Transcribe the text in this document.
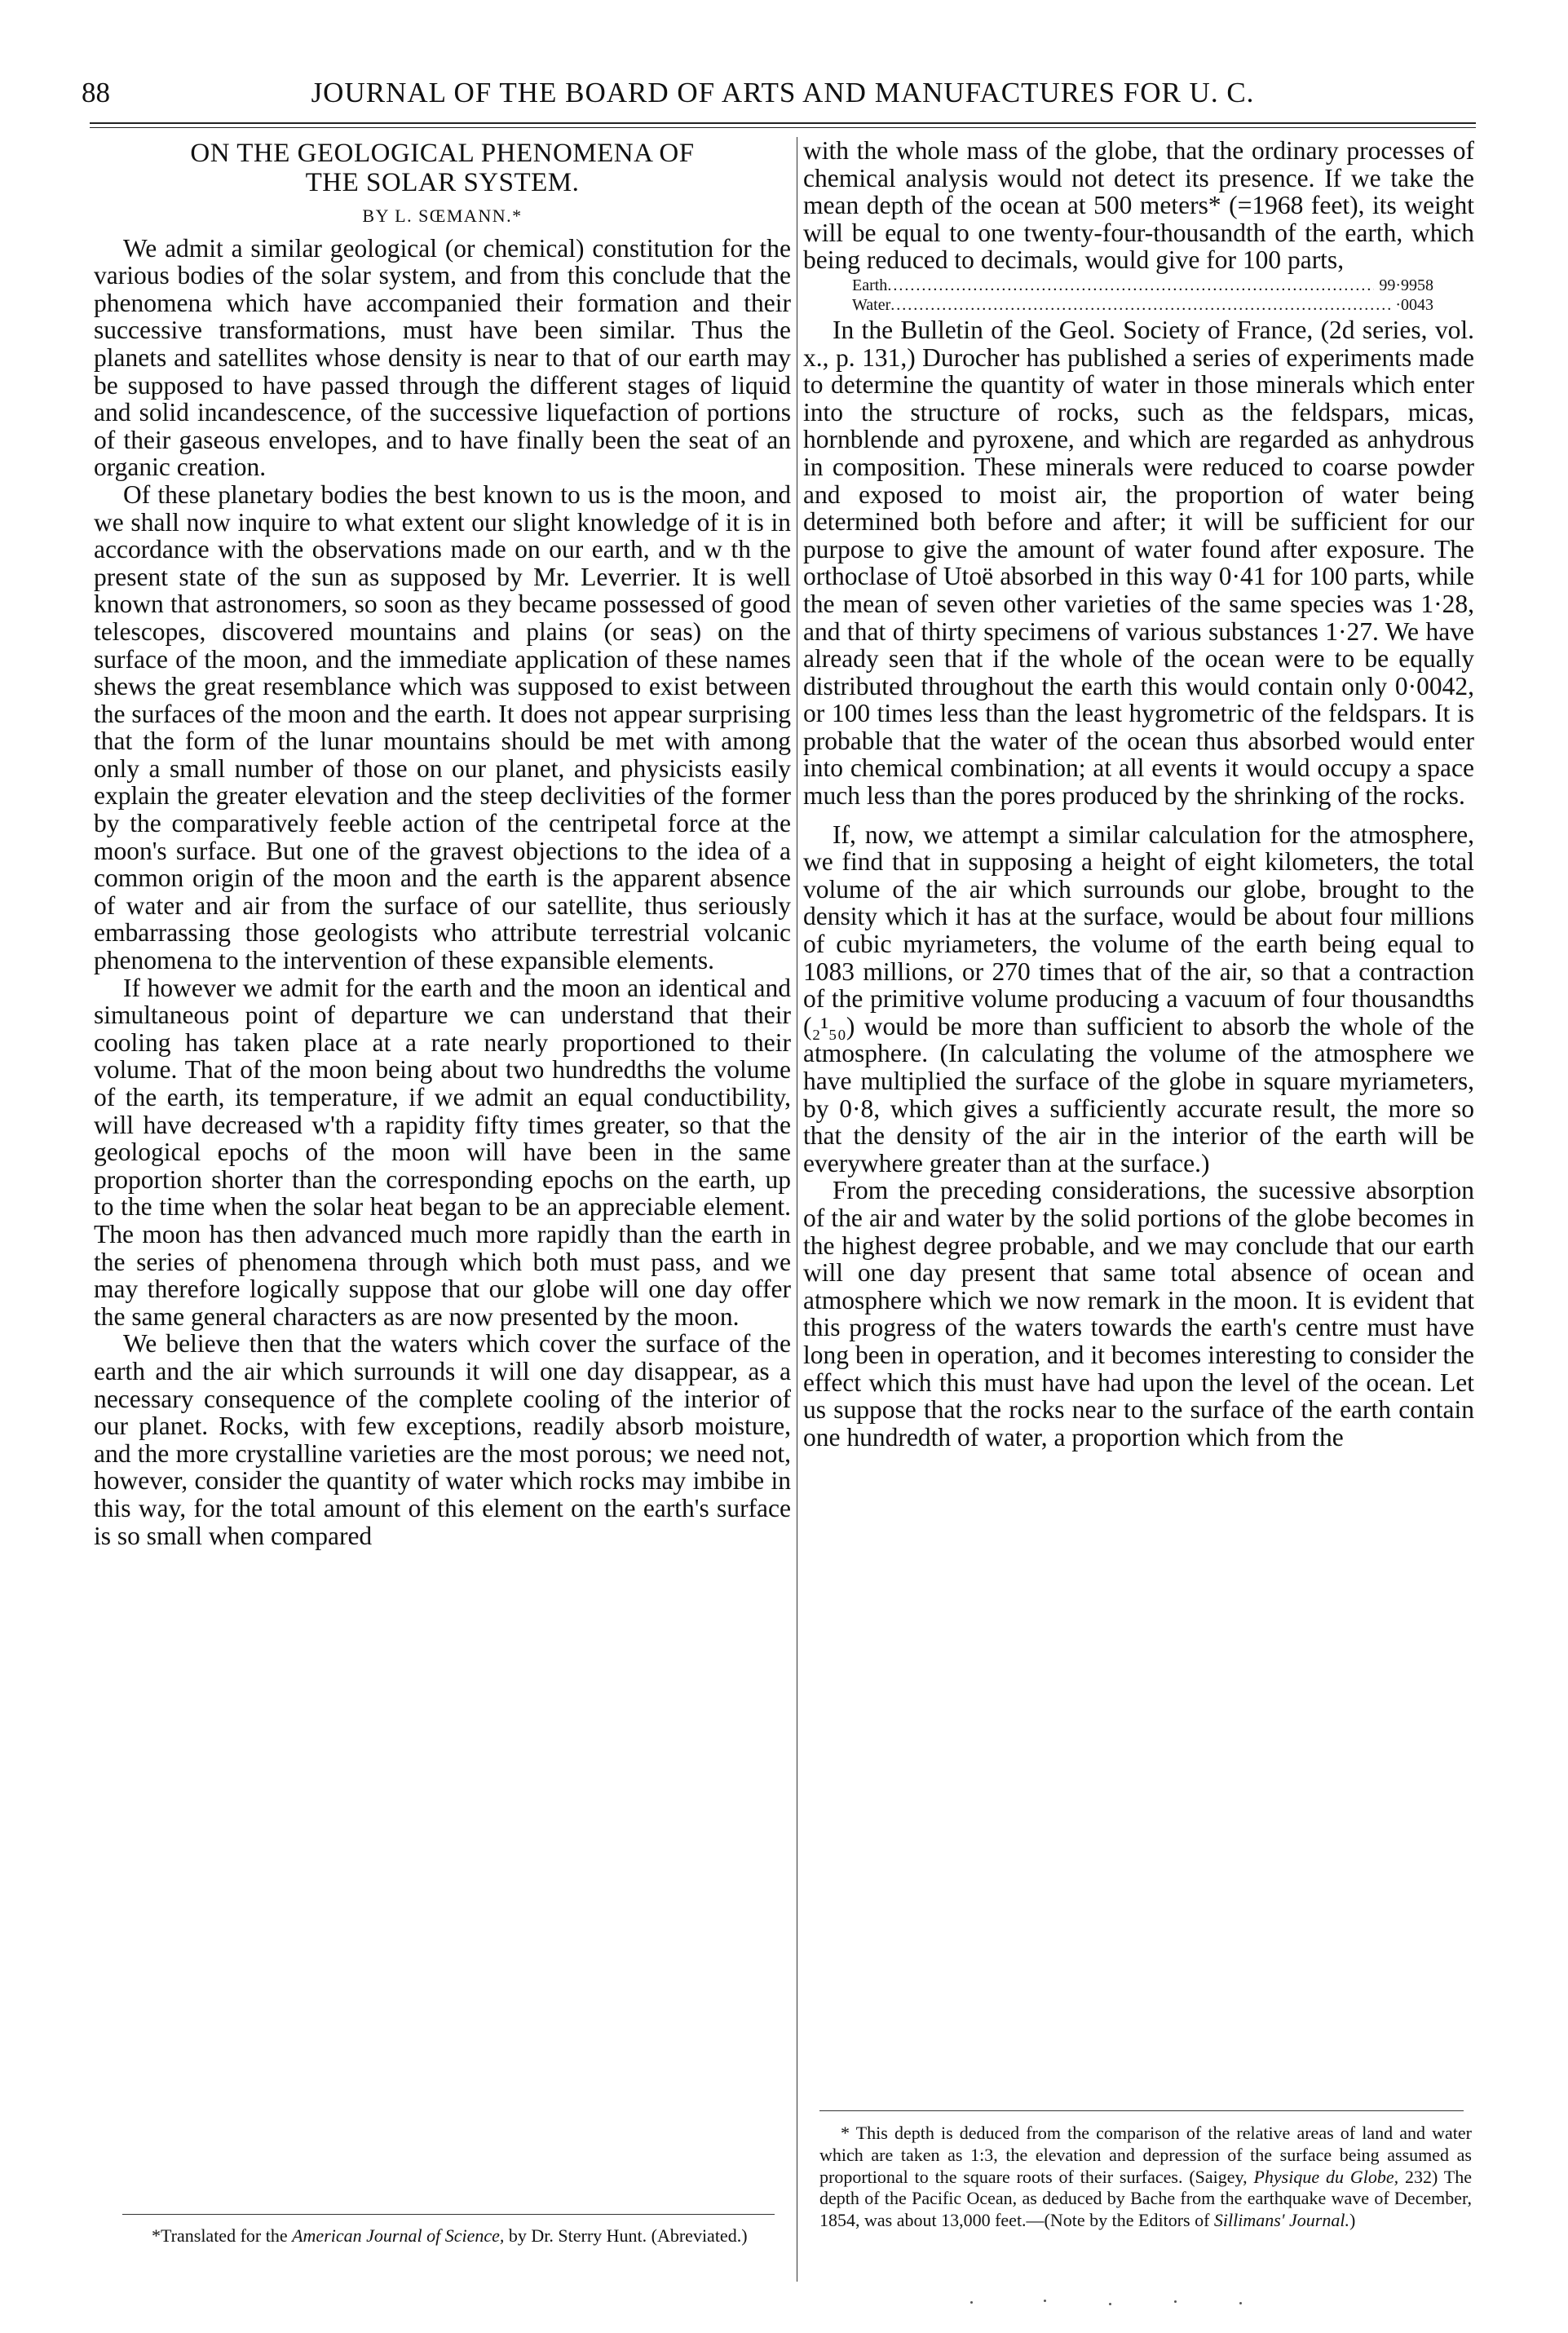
88	JOURNAL OF THE BOARD OF ARTS AND MANUFACTURES FOR U. C.
ON THE GEOLOGICAL PHENOMENA OF
THE SOLAR SYSTEM.
BY L. SŒMANN.*

We admit a similar geological (or chemical) constitution for the various bodies of the solar system, and from this conclude that the phenomena which have accompanied their formation and their successive transformations, must have been similar. Thus the planets and satellites whose density is near to that of our earth may be supposed to have passed through the different stages of liquid and solid incandescence, of the successive liquefaction of portions of their gaseous envelopes, and to have finally been the seat of an organic creation.

Of these planetary bodies the best known to us is the moon, and we shall now inquire to what extent our slight knowledge of it is in accordance with the observations made on our earth, and w th the present state of the sun as supposed by Mr. Leverrier. It is well known that astronomers, so soon as they became possessed of good telescopes, discovered mountains and plains (or seas) on the surface of the moon, and the immediate application of these names shews the great resemblance which was supposed to exist between the surfaces of the moon and the earth. It does not appear surprising that the form of the lunar mountains should be met with among only a small number of those on our planet, and physicists easily explain the greater elevation and the steep declivities of the former by the comparatively feeble action of the centripetal force at the moon's surface. But one of the gravest objections to the idea of a common origin of the moon and the earth is the apparent absence of water and air from the surface of our satellite, thus seriously embarrassing those geologists who attribute terrestrial volcanic phenomena to the intervention of these expansible elements.

If however we admit for the earth and the moon an identical and simultaneous point of departure we can understand that their cooling has taken place at a rate nearly proportioned to their volume. That of the moon being about two hundredths the volume of the earth, its temperature, if we admit an equal conductibility, will have decreased w'th a rapidity fifty times greater, so that the geological epochs of the moon will have been in the same proportion shorter than the corresponding epochs on the earth, up to the time when the solar heat began to be an appreciable element. The moon has then advanced much more rapidly than the earth in the series of phenomena through which both must pass, and we may therefore logically suppose that our globe will one day offer the same general characters as are now presented by the moon.

We believe then that the waters which cover the surface of the earth and the air which surrounds it will one day disappear, as a necessary consequence of the complete cooling of the interior of our planet. Rocks, with few exceptions, readily absorb moisture, and the more crystalline varieties are the most porous; we need not, however, consider the quantity of water which rocks may imbibe in this way, for the total amount of this element on the earth's surface is so small when compared

with the whole mass of the globe, that the ordinary processes of chemical analysis would not detect its presence. If we take the mean depth of the ocean at 500 meters* (=1968 feet), its weight will be equal to one twenty-four-thousandth of the earth, which being reduced to decimals, would give for 100 parts,

Earth .....	99·9958
Water .....	·0043

In the Bulletin of the Geol. Society of France, (2d series, vol. x., p. 131,) Durocher has published a series of experiments made to determine the quantity of water in those minerals which enter into the structure of rocks, such as the feldspars, micas, hornblende and pyroxene, and which are regarded as anhydrous in composition. These minerals were reduced to coarse powder and exposed to moist air, the proportion of water being determined both before and after; it will be sufficient for our purpose to give the amount of water found after exposure. The orthoclase of Utoë absorbed in this way 0·41 for 100 parts, while the mean of seven other varieties of the same species was 1·28, and that of thirty specimens of various substances 1·27. We have already seen that if the whole of the ocean were to be equally distributed throughout the earth this would contain only 0·0042, or 100 times less than the least hygrometric of the feldspars. It is probable that the water of the ocean thus absorbed would enter into chemical combination; at all events it would occupy a space much less than the pores produced by the shrinking of the rocks.

If, now, we attempt a similar calculation for the atmosphere, we find that in supposing a height of eight kilometers, the total volume of the air which surrounds our globe, brought to the density which it has at the surface, would be about four millions of cubic myriameters, the volume of the earth being equal to 1083 millions, or 270 times that of the air, so that a contraction of the primitive volume producing a vacuum of four thousandths (₂¹₅₀) would be more than sufficient to absorb the whole of the atmosphere. (In calculating the volume of the atmosphere we have multiplied the surface of the globe in square myriameters, by 0·8, which gives a sufficiently accurate result, the more so that the density of the air in the interior of the earth will be everywhere greater than at the surface.)

From the preceding considerations, the sucessive absorption of the air and water by the solid portions of the globe becomes in the highest degree probable, and we may conclude that our earth will one day present that same total absence of ocean and atmosphere which we now remark in the moon. It is evident that this progress of the waters towards the earth's centre must have long been in operation, and it becomes interesting to consider the effect which this must have had upon the level of the ocean. Let us suppose that the rocks near to the surface of the earth contain one hundredth of water, a proportion which from the

*Translated for the American Journal of Science, by Dr. Sterry Hunt. (Abreviated.)

* This depth is deduced from the comparison of the relative areas of land and water which are taken as 1:3, the elevation and depression of the surface being assumed as proportional to the square roots of their surfaces. (Saigey, Physique du Globe, 232) The depth of the Pacific Ocean, as deduced by Bache from the earthquake wave of December, 1854, was about 13,000 feet.—(Note by the Editors of Sillimans' Journal.)
